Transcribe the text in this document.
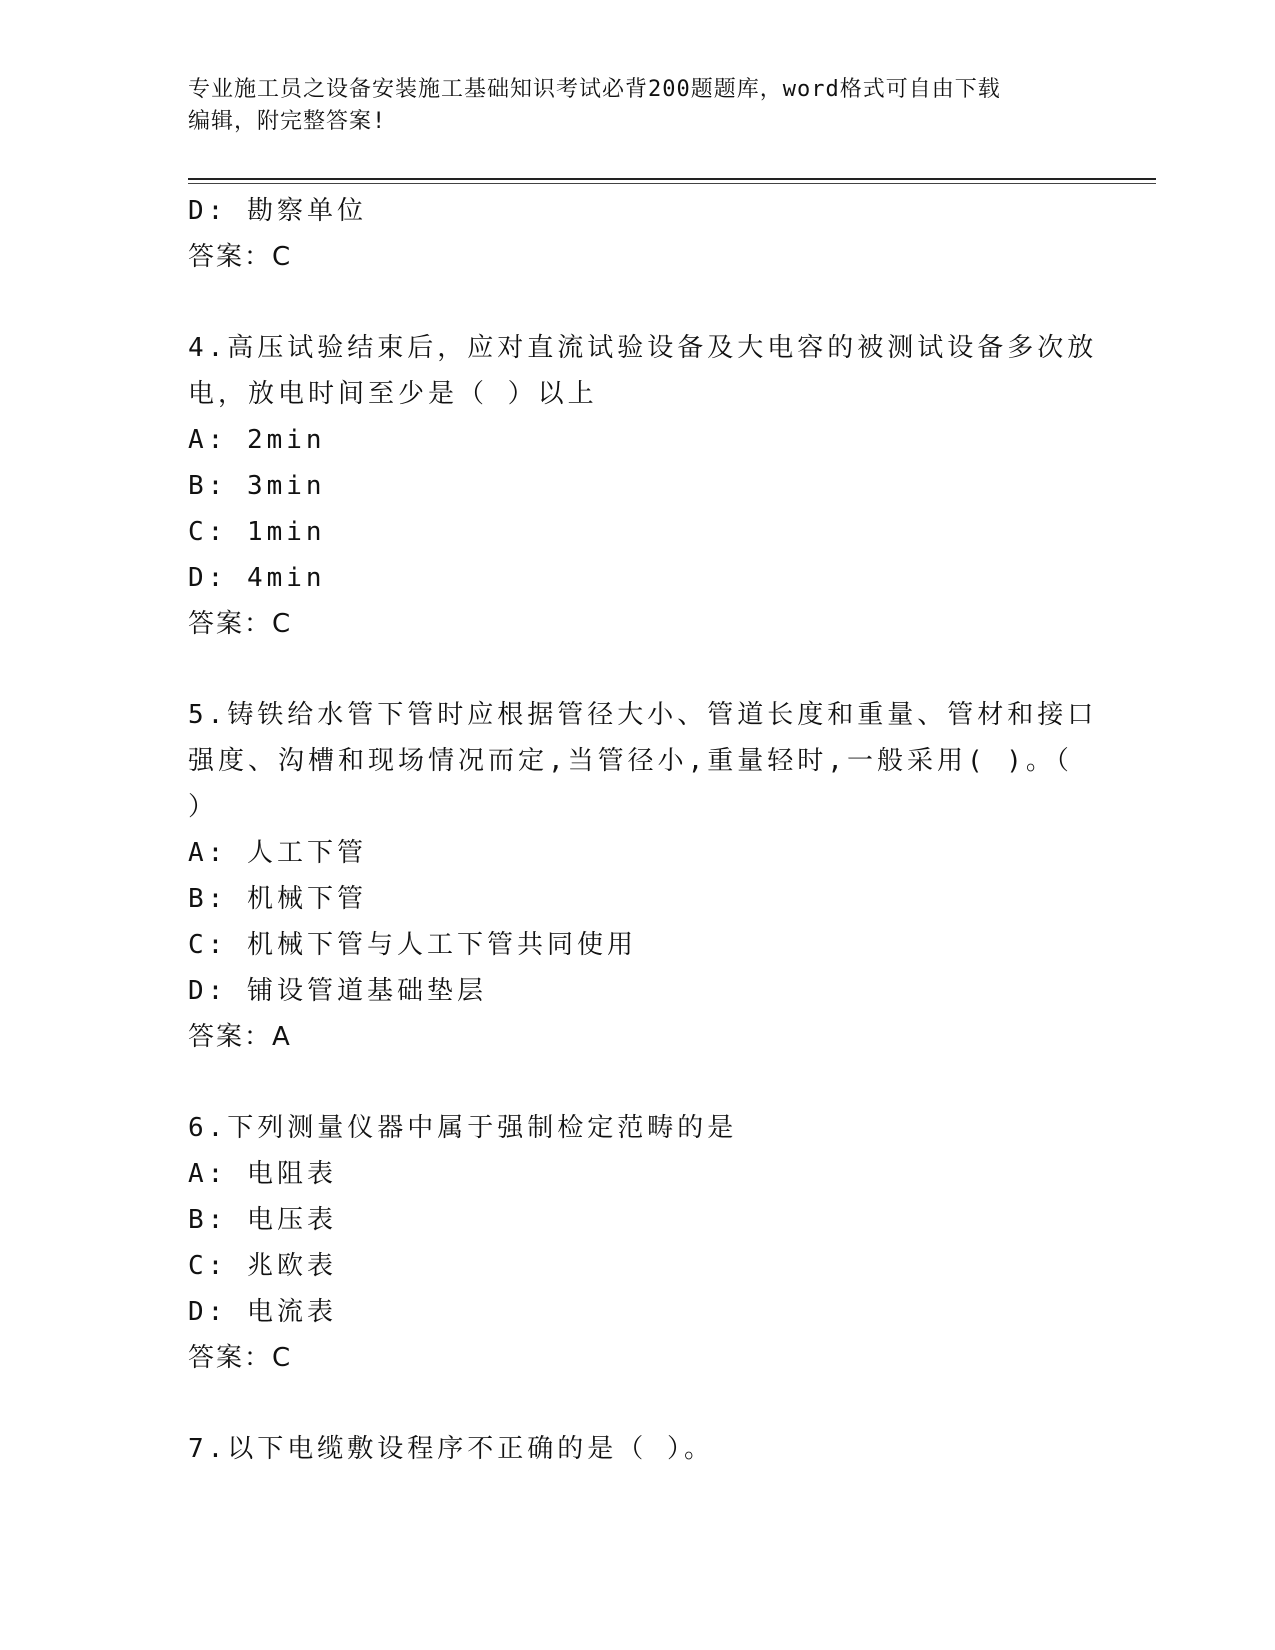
专业施工员之设备安装施工基础知识考试必背200题题库，word格式可自由下载
编辑，附完整答案!
D: 勘察单位
答案：C
4.高压试验结束后，应对直流试验设备及大电容的被测试设备多次放
电，放电时间至少是（ ）以上
A: 2min
B: 3min
C: 1min
D: 4min
答案：C
5.铸铁给水管下管时应根据管径大小、管道长度和重量、管材和接口
强度、沟槽和现场情况而定,当管径小,重量轻时,一般采用( )。（
）
A: 人工下管
B: 机械下管
C: 机械下管与人工下管共同使用
D: 铺设管道基础垫层
答案：A
6.下列测量仪器中属于强制检定范畴的是
A: 电阻表
B: 电压表
C: 兆欧表
D: 电流表
答案：C
7.以下电缆敷设程序不正确的是（ ）。
